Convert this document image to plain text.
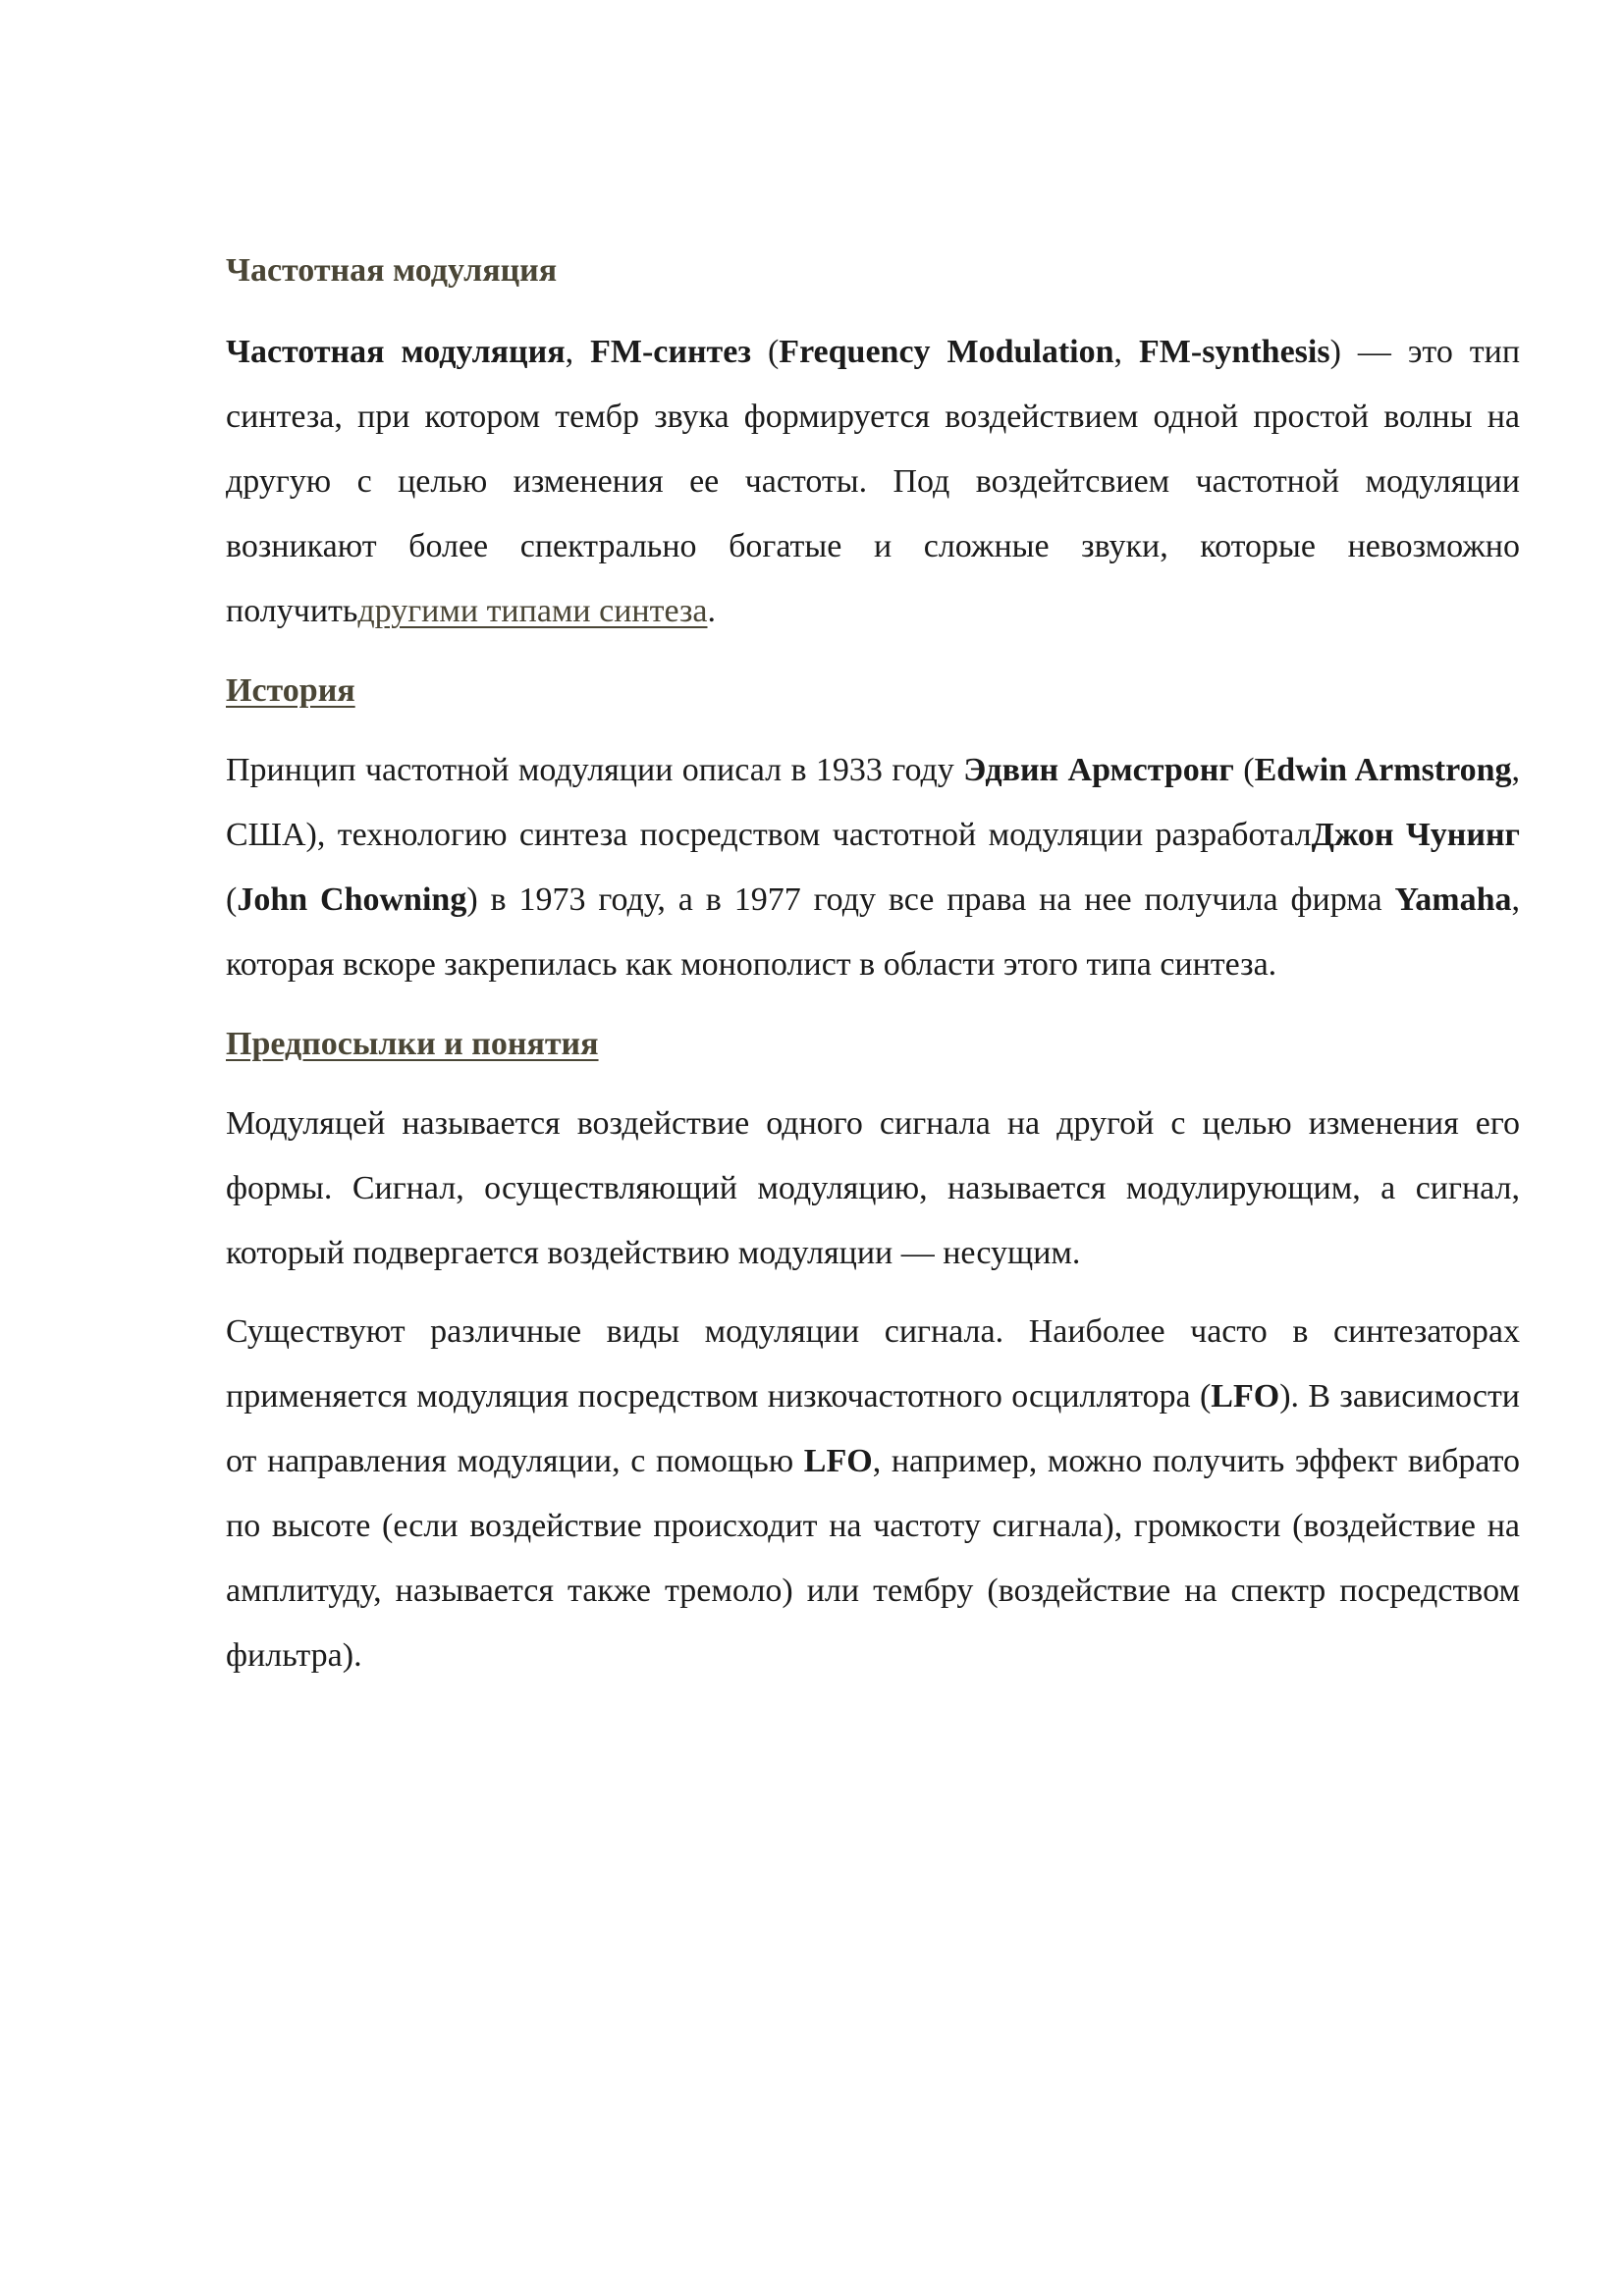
Частотная модуляция

Частотная модуляция, FM-синтез (Frequency Modulation, FM-synthesis) — это тип синтеза, при котором тембр звука формируется воздействием одной простой волны на другую с целью изменения ее частоты. Под воздейтсвием частотной модуляции возникают более спектрально богатые и сложные звуки, которые невозможно получитьдругими типами синтеза.

История

Принцип частотной модуляции описал в 1933 году Эдвин Армстронг (Edwin Armstrong, США), технологию синтеза посредством частотной модуляции разработалДжон Чунинг (John Chowning) в 1973 году, а в 1977 году все права на нее получила фирма Yamaha, которая вскоре закрепилась как монополист в области этого типа синтеза.

Предпосылки и понятия

Модуляцей называется воздействие одного сигнала на другой с целью изменения его формы. Сигнал, осуществляющий модуляцию, называется модулирующим, а сигнал, который подвергается воздействию модуляции — несущим.

Существуют различные виды модуляции сигнала. Наиболее часто в синтезаторах применяется модуляция посредством низкочастотного осциллятора (LFO). В зависимости от направления модуляции, с помощью LFO, например, можно получить эффект вибрато по высоте (если воздействие происходит на частоту сигнала), громкости (воздействие на амплитуду, называется также тремоло) или тембру (воздействие на спектр посредством фильтра).
